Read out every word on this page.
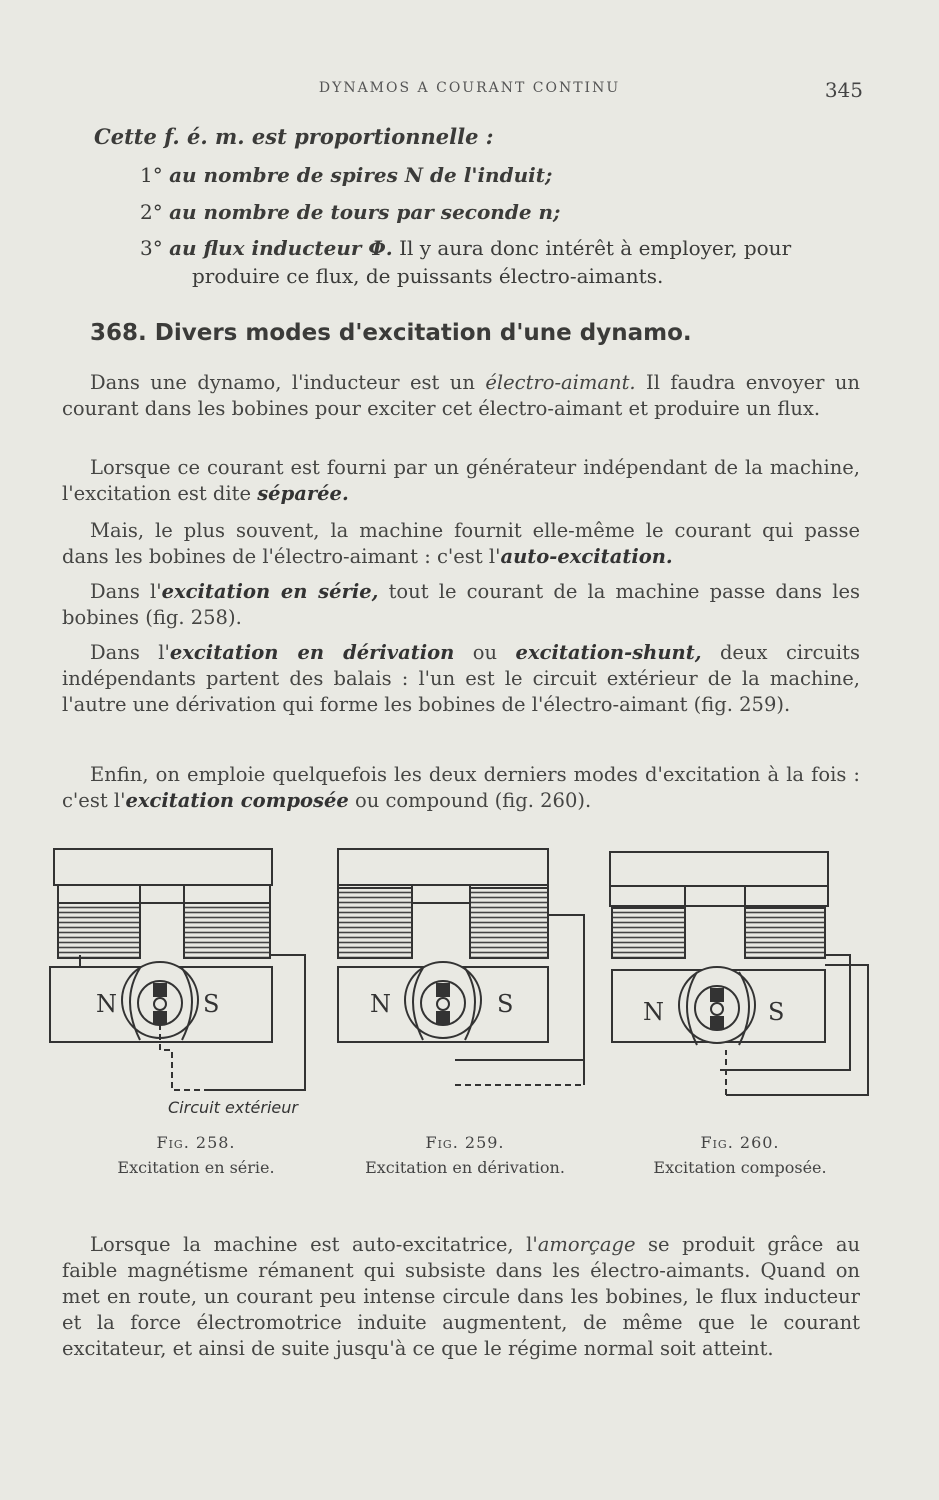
DYNAMOS A COURANT CONTINU	345
Cette f. é. m. est proportionnelle :
1° au nombre de spires N de l'induit;
2° au nombre de tours par seconde n;
3° au flux inducteur Φ. Il y aura donc intérêt à employer, pour
produire ce flux, de puissants électro-aimants.
368. Divers modes d'excitation d'une dynamo.
Dans une dynamo, l'inducteur est un électro-aimant. Il faudra envoyer un courant dans les bobines pour exciter cet électro-aimant et produire un flux.
Lorsque ce courant est fourni par un générateur indépendant de la machine, l'excitation est dite séparée.
Mais, le plus souvent, la machine fournit elle-même le courant qui passe dans les bobines de l'électro-aimant : c'est l'auto-excitation.
Dans l'excitation en série, tout le courant de la machine passe dans les bobines (fig. 258).
Dans l'excitation en dérivation ou excitation-shunt, deux circuits indépendants partent des balais : l'un est le circuit extérieur de la machine, l'autre une dérivation qui forme les bobines de l'électro-aimant (fig. 259).
Enfin, on emploie quelquefois les deux derniers modes d'excitation à la fois : c'est l'excitation composée ou compound (fig. 260).
N	S	N	S	N	S
Circuit extérieur
Fig. 258.
Excitation en série.
Fig. 259.
Excitation en dérivation.
Fig. 260.
Excitation composée.
Lorsque la machine est auto-excitatrice, l'amorçage se produit grâce au faible magnétisme rémanent qui subsiste dans les électro-aimants. Quand on met en route, un courant peu intense circule dans les bobines, le flux inducteur et la force électromotrice induite augmentent, de même que le courant excitateur, et ainsi de suite jusqu'à ce que le régime normal soit atteint.
